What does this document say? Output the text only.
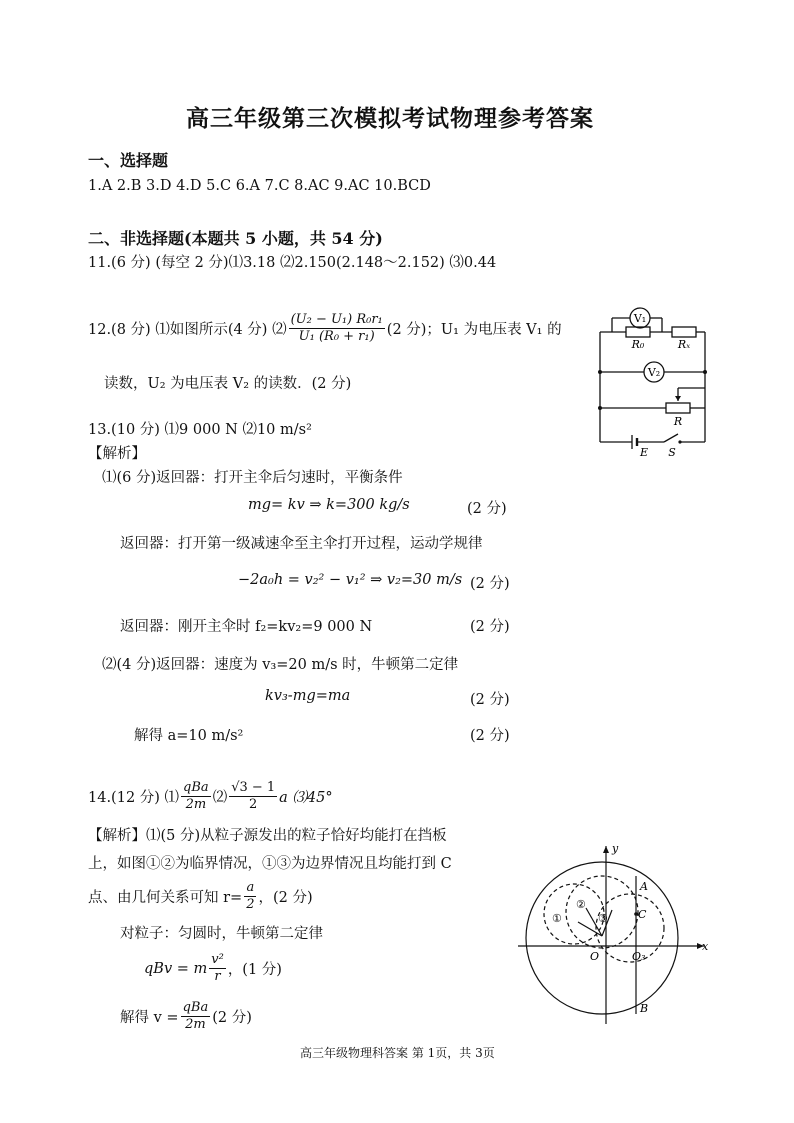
高三年级第三次模拟考试物理参考答案
一、选择题
1.A 2.B 3.D 4.D 5.C 6.A 7.C 8.AC 9.AC 10.BCD
二、非选择题(本题共 5 小题，共 54 分)
11.(6 分) (每空 2 分)⑴3.18 ⑵2.150(2.148～2.152) ⑶0.44
12.(8 分) ⑴如图所示(4 分) ⑵ $\frac{\text{(U₂ − U₁) R₀r₁}}{\text{U₁ (R₀ + r₁)}} (2$ 分)；U₁ 为电压表 V₁ 的
读数，U₂ 为电压表 V₂ 的读数．(2 分)
V₁
V₂
Rₓ
R₀
R
E S
13.(10 分) ⑴9 000 N ⑵10 m/s²
【解析】
⑴(6 分)返回器：打开主伞后匀速时，平衡条件
mg= kv ⇒ k=300 kg/s	(2 分)
返回器：打开第一级减速伞至主伞打开过程，运动学规律
−2a₀h = v₂² − v₁² ⇒ v₂=30 m/s (2 分)
返回器：刚开主伞时 f₂=kv₂=9 000 N	(2 分)
⑵(4 分)返回器：速度为 v₃=20 m/s 时，牛顿第二定律
kv₃-mg=ma	(2 分)
解得 a=10 m/s²	(2 分)
14.(12 分) ⑴ $\frac{\text{qBa}}{2m}$ ⑵ $\frac{√3 - 1}{2}$ a ⑶45°
【解析】⑴(5 分)从粒子源发出的粒子恰好均能打在挡板
上，如图①②为临界情况，①③为边界情况且均能打到 C
点、由几何关系可知 $r= \frac{a}{2}$ ，(2 分)
对粒子：匀圆时，牛顿第二定律
qBv = m $\frac{\text{v²}}{r}$ ，(1 分)
解得 $v = \frac{\text{qBa}}{2m} (2$ 分)
y
x
A
B
C
O	O₃
①
②
③
高三年级物理科答案 第 1页，共 3页
